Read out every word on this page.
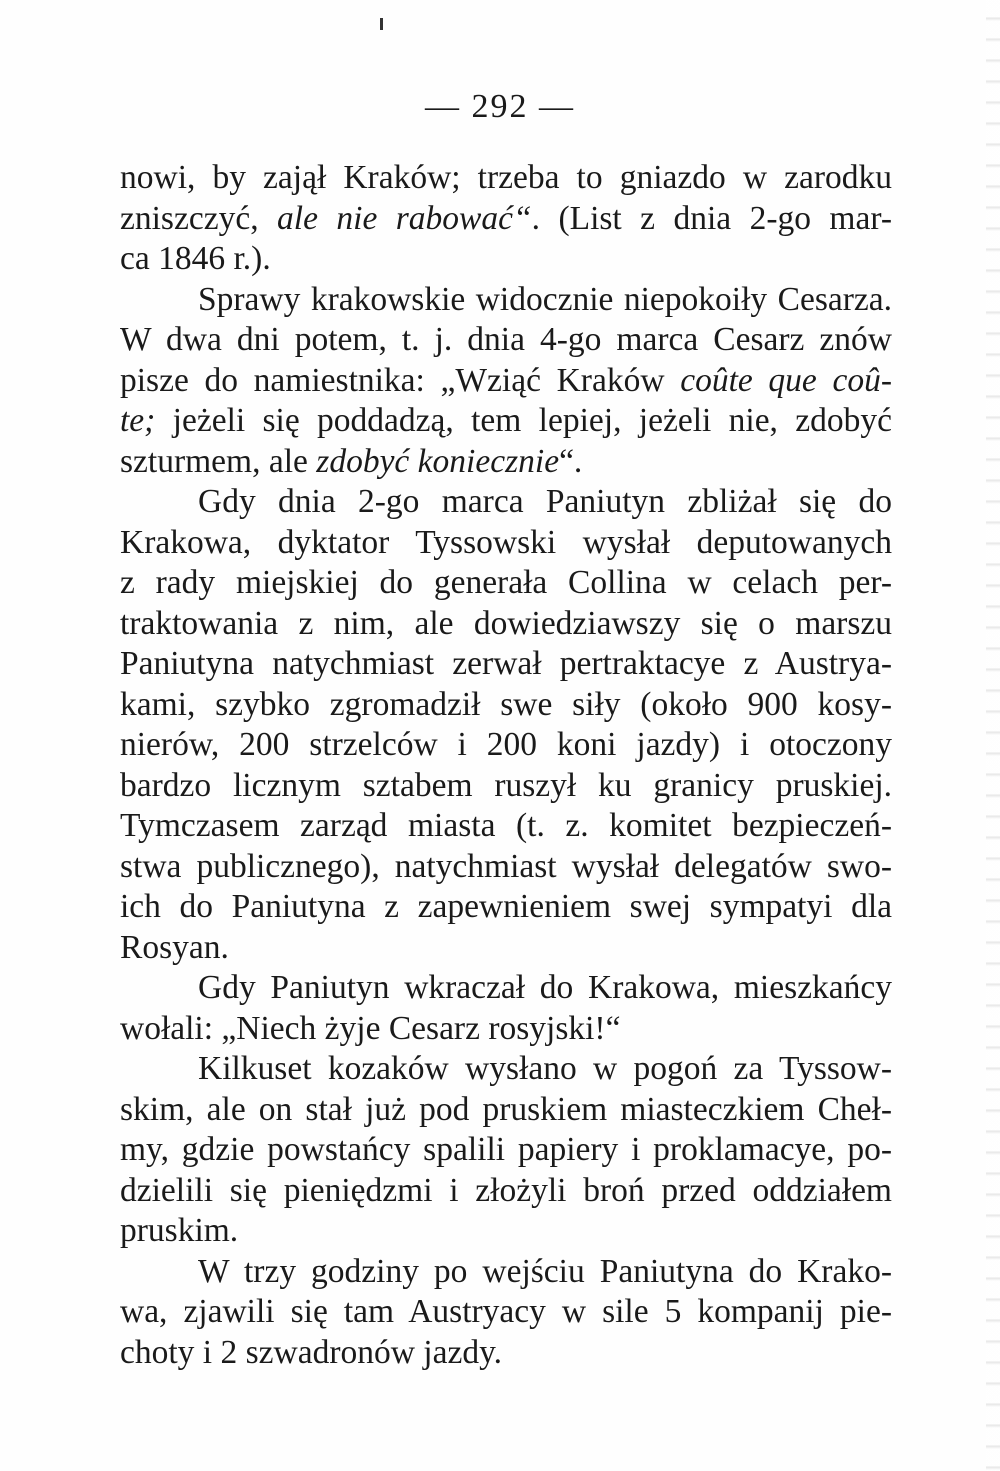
— 292 —
nowi, by zajął Kraków; trzeba to gniazdo w zarodku
zniszczyć, ale nie rabować“. (List z dnia 2-go mar-
ca 1846 r.).
Sprawy krakowskie widocznie niepokoiły Cesarza.
W dwa dni potem, t. j. dnia 4-go marca Cesarz znów
pisze do namiestnika: „Wziąć Kraków coûte que coû-
te; jeżeli się poddadzą, tem lepiej, jeżeli nie, zdobyć
szturmem, ale zdobyć koniecznie“.
Gdy dnia 2-go marca Paniutyn zbliżał się do
Krakowa, dyktator Tyssowski wysłał deputowanych
z rady miejskiej do generała Collina w celach per-
traktowania z nim, ale dowiedziawszy się o marszu
Paniutyna natychmiast zerwał pertraktacye z Austrya-
kami, szybko zgromadził swe siły (około 900 kosy-
nierów, 200 strzelców i 200 koni jazdy) i otoczony
bardzo licznym sztabem ruszył ku granicy pruskiej.
Tymczasem zarząd miasta (t. z. komitet bezpieczeń-
stwa publicznego), natychmiast wysłał delegatów swo-
ich do Paniutyna z zapewnieniem swej sympatyi dla
Rosyan.
Gdy Paniutyn wkraczał do Krakowa, mieszkańcy
wołali: „Niech żyje Cesarz rosyjski!“
Kilkuset kozaków wysłano w pogoń za Tyssow-
skim, ale on stał już pod pruskiem miasteczkiem Cheł-
my, gdzie powstańcy spalili papiery i proklamacye, po-
dzielili się pieniędzmi i złożyli broń przed oddziałem
pruskim.
W trzy godziny po wejściu Paniutyna do Krako-
wa, zjawili się tam Austryacy w sile 5 kompanij pie-
choty i 2 szwadronów jazdy.
